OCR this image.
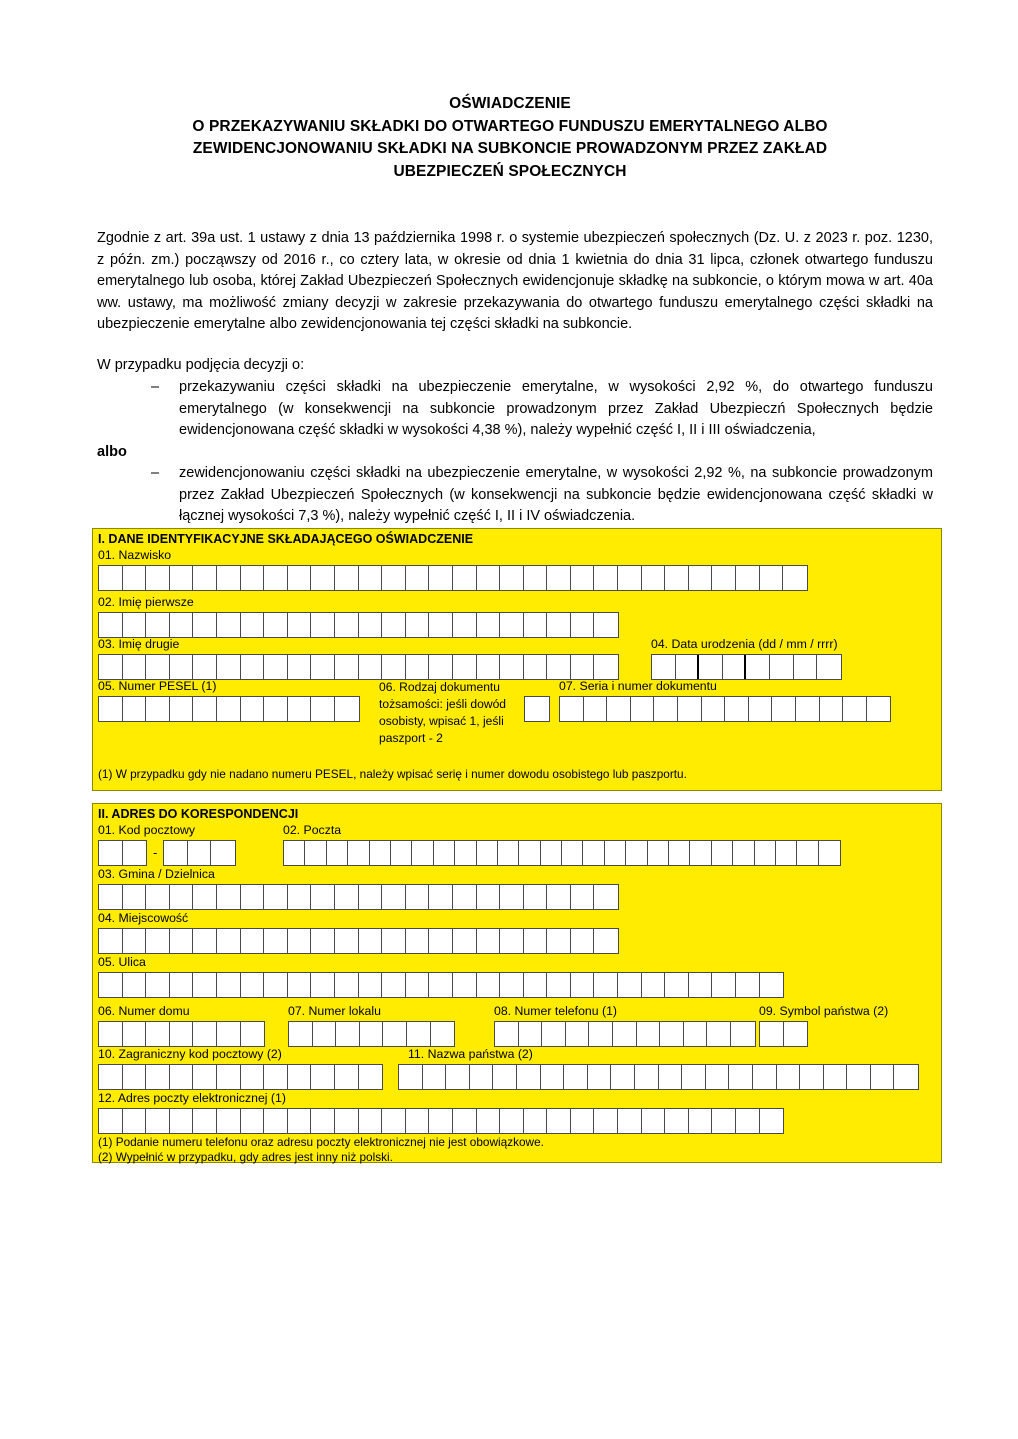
OŚWIADCZENIE
O PRZEKAZYWANIU SKŁADKI DO OTWARTEGO FUNDUSZU EMERYTALNEGO ALBO
ZEWIDENCJONOWANIU SKŁADKI NA SUBKONCIE PROWADZONYM PRZEZ ZAKŁAD
UBEZPIECZEŃ SPOŁECZNYCH

Zgodnie z art. 39a ust. 1 ustawy z dnia 13 października 1998 r. o systemie ubezpieczeń społecznych (Dz. U. z 2023 r. poz. 1230, z późn. zm.) począwszy od 2016 r., co cztery lata, w okresie od dnia 1 kwietnia do dnia 31 lipca, członek otwartego funduszu emerytalnego lub osoba, której Zakład Ubezpieczeń Społecznych ewidencjonuje składkę na subkoncie, o którym mowa w art. 40a ww. ustawy, ma możliwość zmiany decyzji w zakresie przekazywania do otwartego funduszu emerytalnego części składki na ubezpieczenie emerytalne albo zewidencjonowania tej części składki na subkoncie.

W przypadku podjęcia decyzji o:
–	przekazywaniu części składki na ubezpieczenie emerytalne, w wysokości 2,92 %, do otwartego funduszu emerytalnego (w konsekwencji na subkoncie prowadzonym przez Zakład Ubezpieczń Społecznych będzie ewidencjonowana część składki w wysokości 4,38 %), należy wypełnić część I, II i III oświadczenia,
albo
–	zewidencjonowaniu części składki na ubezpieczenie emerytalne, w wysokości 2,92 %, na subkoncie prowadzonym przez Zakład Ubezpieczeń Społecznych (w konsekwencji na subkoncie będzie ewidencjonowana część składki w łącznej wysokości 7,3 %), należy wypełnić część I, II i IV oświadczenia.
I. DANE IDENTYFIKACYJNE SKŁADAJĄCEGO OŚWIADCZENIE
01. Nazwisko
02. Imię pierwsze
03. Imię drugie	04. Data urodzenia (dd / mm / rrrr)
05. Numer PESEL (1)	06. Rodzaj dokumentu tożsamości: jeśli dowód osobisty, wpisać 1, jeśli paszport - 2
07. Seria i numer dokumentu
(1) W przypadku gdy nie nadano numeru PESEL, należy wpisać serię i numer dowodu osobistego lub paszportu.
II. ADRES DO KORESPONDENCJI
01. Kod pocztowy
-
02. Poczta
03. Gmina / Dzielnica
04. Miejscowość
05. Ulica
06. Numer domu	07. Numer lokalu	08. Numer telefonu (1)	09. Symbol państwa (2)
10. Zagraniczny kod pocztowy (2)	11. Nazwa państwa (2)
12. Adres poczty elektronicznej (1)
(1) Podanie numeru telefonu oraz adresu poczty elektronicznej nie jest obowiązkowe.
(2) Wypełnić w przypadku, gdy adres jest inny niż polski.
